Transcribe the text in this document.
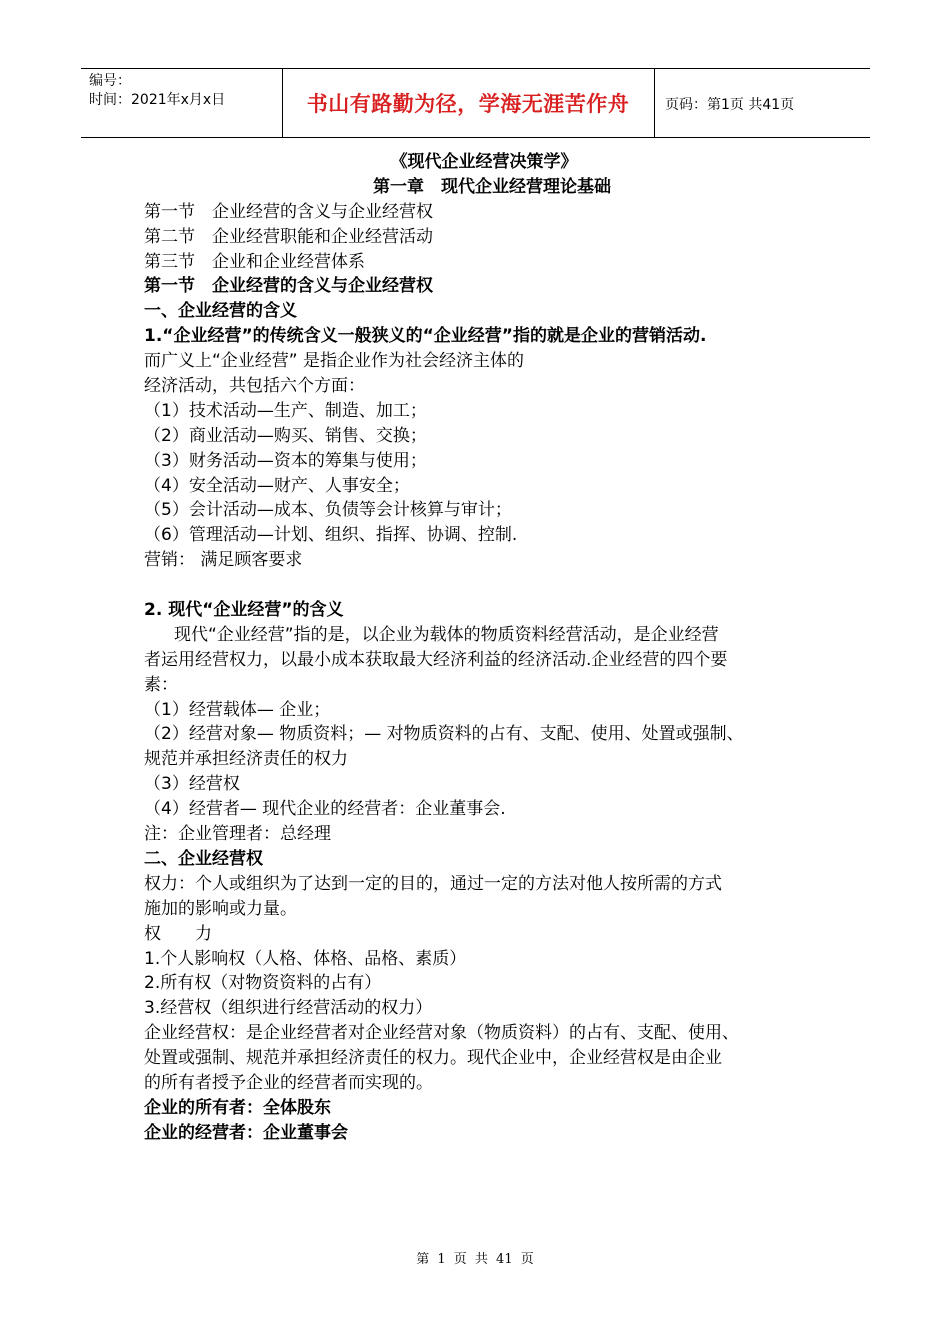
编号：
时间：2021年x月x日	书山有路勤为径，学海无涯苦作舟	页码：第1页 共41页
《现代企业经营决策学》
第一章　现代企业经营理论基础
第一节　企业经营的含义与企业经营权
第二节　企业经营职能和企业经营活动
第三节　企业和企业经营体系
第一节　企业经营的含义与企业经营权
一、企业经营的含义
1.“企业经营”的传统含义一般狭义的“企业经营”指的就是企业的营销活动.
而广义上“企业经营” 是指企业作为社会经济主体的
经济活动，共包括六个方面：
（1）技术活动—生产、制造、加工；
（2）商业活动—购买、销售、交换；
（3）财务活动—资本的筹集与使用；
（4）安全活动—财产、人事安全；
（5）会计活动—成本、负债等会计核算与审计；
（6）管理活动—计划、组织、指挥、协调、控制.
营销： 满足顾客要求
2. 现代“企业经营”的含义
现代“企业经营”指的是，以企业为载体的物质资料经营活动，是企业经营
者运用经营权力，以最小成本获取最大经济利益的经济活动.企业经营的四个要
素：
（1）经营载体— 企业；
（2）经营对象— 物质资料；— 对物质资料的占有、支配、使用、处置或强制、
规范并承担经济责任的权力
（3）经营权
（4）经营者— 现代企业的经营者：企业董事会.
注：企业管理者：总经理
二、企业经营权
权力：个人或组织为了达到一定的目的，通过一定的方法对他人按所需的方式
施加的影响或力量。
权　　力
1.个人影响权（人格、体格、品格、素质）
2.所有权（对物资资料的占有）
3.经营权（组织进行经营活动的权力）
企业经营权：是企业经营者对企业经营对象（物质资料）的占有、支配、使用、
处置或强制、规范并承担经济责任的权力。现代企业中，企业经营权是由企业
的所有者授予企业的经营者而实现的。
企业的所有者：全体股东
企业的经营者：企业董事会
第 1 页 共 41 页
